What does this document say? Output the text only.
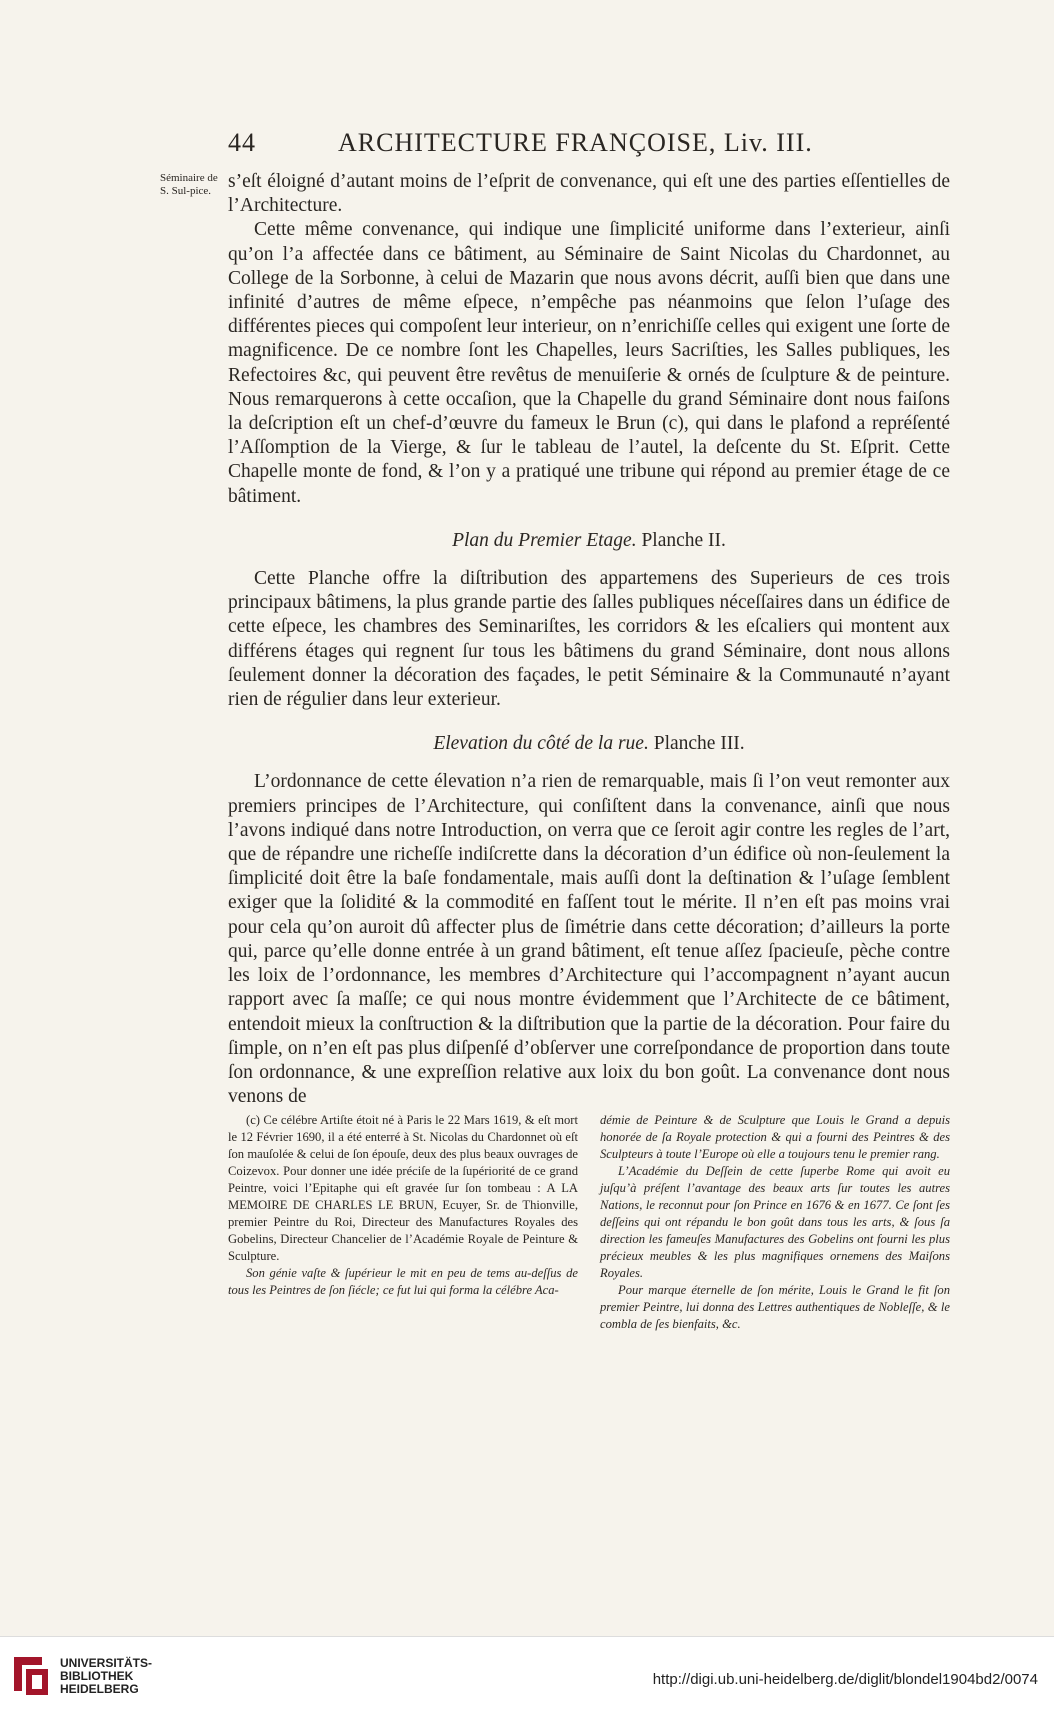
44	ARCHITECTURE FRANÇOISE, Liv. III.
Séminaire de S. Sul-pice. s’eſt éloigné d’autant moins de l’eſprit de convenance, qui eſt une des parties eſſentielles de l’Architecture.

Cette même convenance, qui indique une ſimplicité uniforme dans l’exterieur, ainſi qu’on l’a affectée dans ce bâtiment, au Séminaire de Saint Nicolas du Chardonnet, au College de la Sorbonne, à celui de Mazarin que nous avons décrit, auſſi bien que dans une infinité d’autres de même eſpece, n’empêche pas néanmoins que ſelon l’uſage des différentes pieces qui compoſent leur interieur, on n’enrichiſſe celles qui exigent une ſorte de magnificence. De ce nombre ſont les Chapelles, leurs Sacriſties, les Salles publiques, les Refectoires &c, qui peuvent être revêtus de menuiſerie & ornés de ſculpture & de peinture. Nous remarquerons à cette occaſion, que la Chapelle du grand Séminaire dont nous faiſons la deſcription eſt un chef-d’œuvre du fameux le Brun (c), qui dans le plafond a repréſenté l’Aſſomption de la Vierge, & ſur le tableau de l’autel, la deſcente du St. Eſprit. Cette Chapelle monte de fond, & l’on y a pratiqué une tribune qui répond au premier étage de ce bâtiment.

Plan du Premier Etage. Planche II.

Cette Planche offre la diſtribution des appartemens des Superieurs de ces trois principaux bâtimens, la plus grande partie des ſalles publiques néceſſaires dans un édifice de cette eſpece, les chambres des Seminariſtes, les corridors & les eſcaliers qui montent aux différens étages qui regnent ſur tous les bâtimens du grand Séminaire, dont nous allons ſeulement donner la décoration des façades, le petit Séminaire & la Communauté n’ayant rien de régulier dans leur exterieur.

Elevation du côté de la rue. Planche III.

L’ordonnance de cette élevation n’a rien de remarquable, mais ſi l’on veut remonter aux premiers principes de l’Architecture, qui conſiſtent dans la convenance, ainſi que nous l’avons indiqué dans notre Introduction, on verra que ce ſeroit agir contre les regles de l’art, que de répandre une richeſſe indiſcrette dans la décoration d’un édifice où non-ſeulement la ſimplicité doit être la baſe fondamentale, mais auſſi dont la deſtination & l’uſage ſemblent exiger que la ſolidité & la commodité en faſſent tout le mérite. Il n’en eſt pas moins vrai pour cela qu’on auroit dû affecter plus de ſimétrie dans cette décoration; d’ailleurs la porte qui, parce qu’elle donne entrée à un grand bâtiment, eſt tenue aſſez ſpacieuſe, pèche contre les loix de l’ordonnance, les membres d’Architecture qui l’accompagnent n’ayant aucun rapport avec ſa maſſe; ce qui nous montre évidemment que l’Architecte de ce bâtiment, entendoit mieux la conſtruction & la diſtribution que la partie de la décoration. Pour faire du ſimple, on n’en eſt pas plus diſpenſé d’obſerver une correſpondance de proportion dans toute ſon ordonnance, & une expreſſion relative aux loix du bon goût. La convenance dont nous venons de

(c) Ce célébre Artiſte étoit né à Paris le 22 Mars 1619, & eſt mort le 12 Février 1690, il a été enterré à St. Nicolas du Chardonnet où eſt ſon mauſolée & celui de ſon épouſe, deux des plus beaux ouvrages de Coizevox. Pour donner une idée préciſe de la ſupériorité de ce grand Peintre, voici l’Epitaphe qui eſt gravée ſur ſon tombeau : A LA MEMOIRE DE CHARLES LE BRUN, Ecuyer, Sr. de Thionville, premier Peintre du Roi, Directeur des Manufactures Royales des Gobelins, Directeur Chancelier de l’Académie Royale de Peinture & Sculpture.

Son génie vaſte & ſupérieur le mit en peu de tems au-deſſus de tous les Peintres de ſon ſiécle; ce fut lui qui forma la célébre Aca-

démie de Peinture & de Sculpture que Louis le Grand a depuis honorée de ſa Royale protection & qui a fourni des Peintres & des Sculpteurs à toute l’Europe où elle a toujours tenu le premier rang.

L’Académie du Deſſein de cette ſuperbe Rome qui avoit eu juſqu’à préſent l’avantage des beaux arts ſur toutes les autres Nations, le reconnut pour ſon Prince en 1676 & en 1677. Ce ſont ſes deſſeins qui ont répandu le bon goût dans tous les arts, & ſous ſa direction les fameuſes Manufactures des Gobelins ont fourni les plus précieux meubles & les plus magnifiques ornemens des Maiſons Royales.

Pour marque éternelle de ſon mérite, Louis le Grand le fit ſon premier Peintre, lui donna des Lettres authentiques de Nobleſſe, & le combla de ſes bienfaits, &c.

UNIVERSITÄTS-
BIBLIOTHEK
HEIDELBERG
http://digi.ub.uni-heidelberg.de/diglit/blondel1904bd2/0074
